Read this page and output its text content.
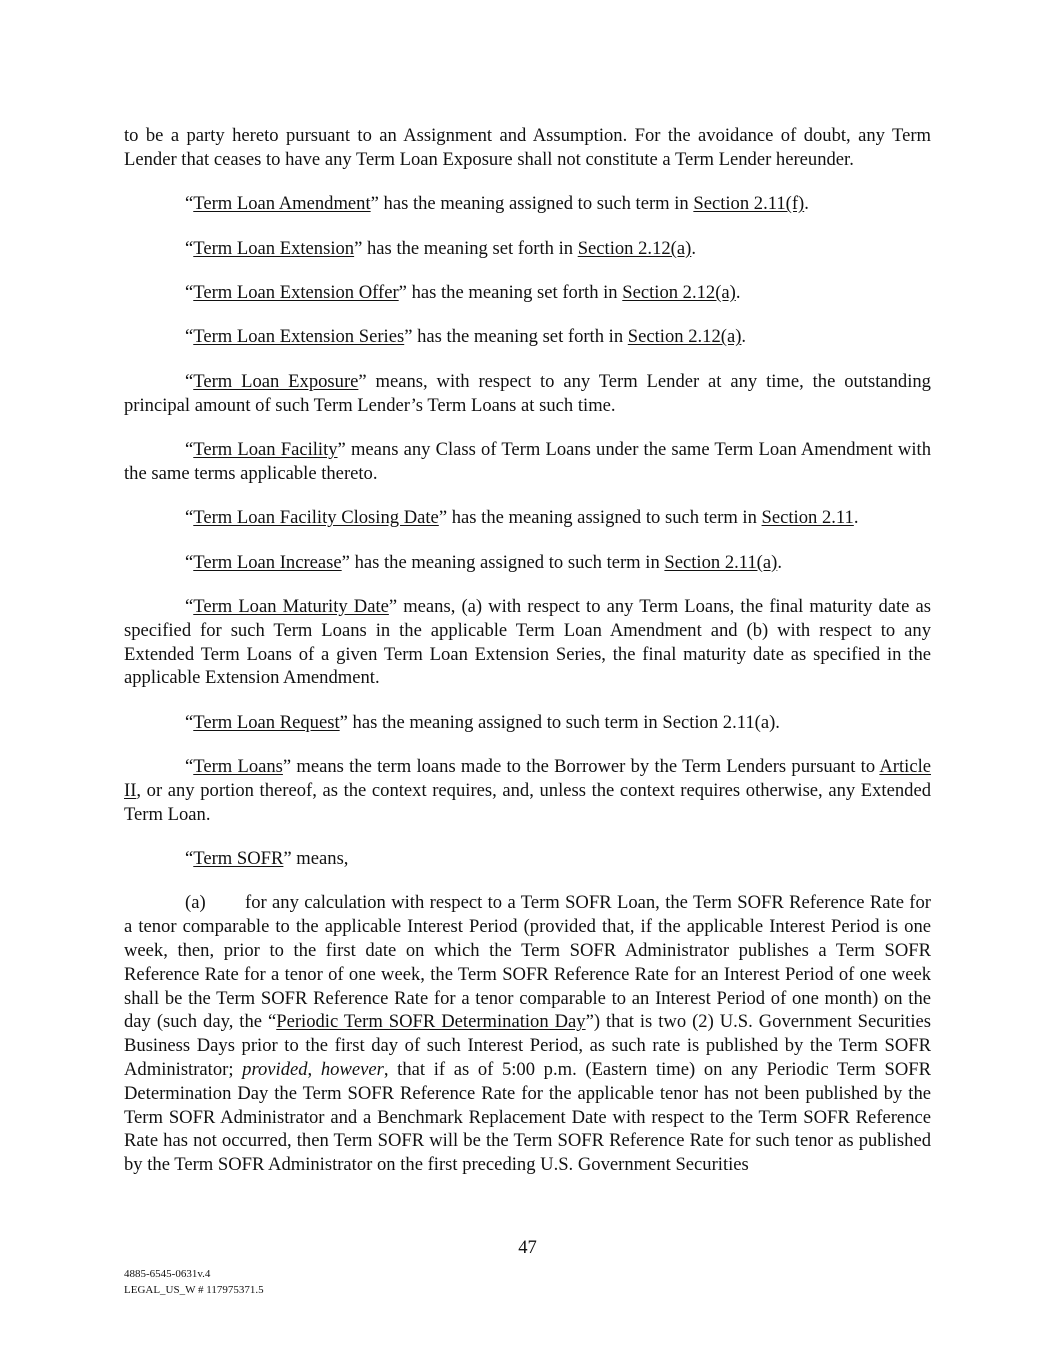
to be a party hereto pursuant to an Assignment and Assumption. For the avoidance of doubt, any Term Lender that ceases to have any Term Loan Exposure shall not constitute a Term Lender hereunder.

“Term Loan Amendment” has the meaning assigned to such term in Section 2.11(f).

“Term Loan Extension” has the meaning set forth in Section 2.12(a).

“Term Loan Extension Offer” has the meaning set forth in Section 2.12(a).

“Term Loan Extension Series” has the meaning set forth in Section 2.12(a).

“Term Loan Exposure” means, with respect to any Term Lender at any time, the outstanding principal amount of such Term Lender’s Term Loans at such time.

“Term Loan Facility” means any Class of Term Loans under the same Term Loan Amendment with the same terms applicable thereto.

“Term Loan Facility Closing Date” has the meaning assigned to such term in Section 2.11.

“Term Loan Increase” has the meaning assigned to such term in Section 2.11(a).

“Term Loan Maturity Date” means, (a) with respect to any Term Loans, the final maturity date as specified for such Term Loans in the applicable Term Loan Amendment and (b) with respect to any Extended Term Loans of a given Term Loan Extension Series, the final maturity date as specified in the applicable Extension Amendment.

“Term Loan Request” has the meaning assigned to such term in Section 2.11(a).

“Term Loans” means the term loans made to the Borrower by the Term Lenders pursuant to Article II, or any portion thereof, as the context requires, and, unless the context requires otherwise, any Extended Term Loan.

“Term SOFR” means,

(a) for any calculation with respect to a Term SOFR Loan, the Term SOFR Reference Rate for a tenor comparable to the applicable Interest Period (provided that, if the applicable Interest Period is one week, then, prior to the first date on which the Term SOFR Administrator publishes a Term SOFR Reference Rate for a tenor of one week, the Term SOFR Reference Rate for an Interest Period of one week shall be the Term SOFR Reference Rate for a tenor comparable to an Interest Period of one month) on the day (such day, the “Periodic Term SOFR Determination Day”) that is two (2) U.S. Government Securities Business Days prior to the first day of such Interest Period, as such rate is published by the Term SOFR Administrator; provided, however, that if as of 5:00 p.m. (Eastern time) on any Periodic Term SOFR Determination Day the Term SOFR Reference Rate for the applicable tenor has not been published by the Term SOFR Administrator and a Benchmark Replacement Date with respect to the Term SOFR Reference Rate has not occurred, then Term SOFR will be the Term SOFR Reference Rate for such tenor as published by the Term SOFR Administrator on the first preceding U.S. Government Securities

47
4885-6545-0631v.4
LEGAL_US_W # 117975371.5
